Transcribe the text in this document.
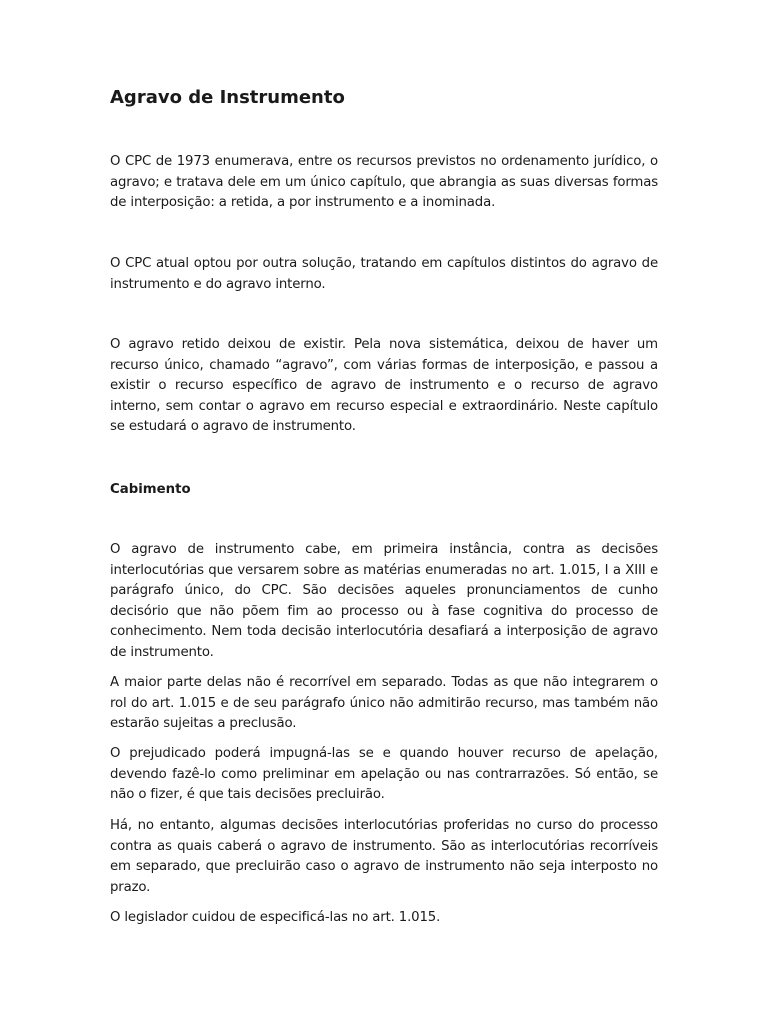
Agravo de Instrumento

O CPC de 1973 enumerava, entre os recursos previstos no ordenamento jurídico, o agravo; e tratava dele em um único capítulo, que abrangia as suas diversas formas de interposição: a retida, a por instrumento e a inominada.

O CPC atual optou por outra solução, tratando em capítulos distintos do agravo de instrumento e do agravo interno.

O agravo retido deixou de existir. Pela nova sistemática, deixou de haver um recurso único, chamado “agravo”, com várias formas de interposição, e passou a existir o recurso específico de agravo de instrumento e o recurso de agravo interno, sem contar o agravo em recurso especial e extraordinário. Neste capítulo se estudará o agravo de instrumento.

Cabimento

O agravo de instrumento cabe, em primeira instância, contra as decisões interlocutórias que versarem sobre as matérias enumeradas no art. 1.015, I a XIII e parágrafo único, do CPC. São decisões aqueles pronunciamentos de cunho decisório que não põem fim ao processo ou à fase cognitiva do processo de conhecimento. Nem toda decisão interlocutória desafiará a interposição de agravo de instrumento.

A maior parte delas não é recorrível em separado. Todas as que não integrarem o rol do art. 1.015 e de seu parágrafo único não admitirão recurso, mas também não estarão sujeitas a preclusão.

O prejudicado poderá impugná-las se e quando houver recurso de apelação, devendo fazê-lo como preliminar em apelação ou nas contrarrazões. Só então, se não o fizer, é que tais decisões precluirão.

Há, no entanto, algumas decisões interlocutórias proferidas no curso do processo contra as quais caberá o agravo de instrumento. São as interlocutórias recorríveis em separado, que precluirão caso o agravo de instrumento não seja interposto no prazo.

O legislador cuidou de especificá-las no art. 1.015.
